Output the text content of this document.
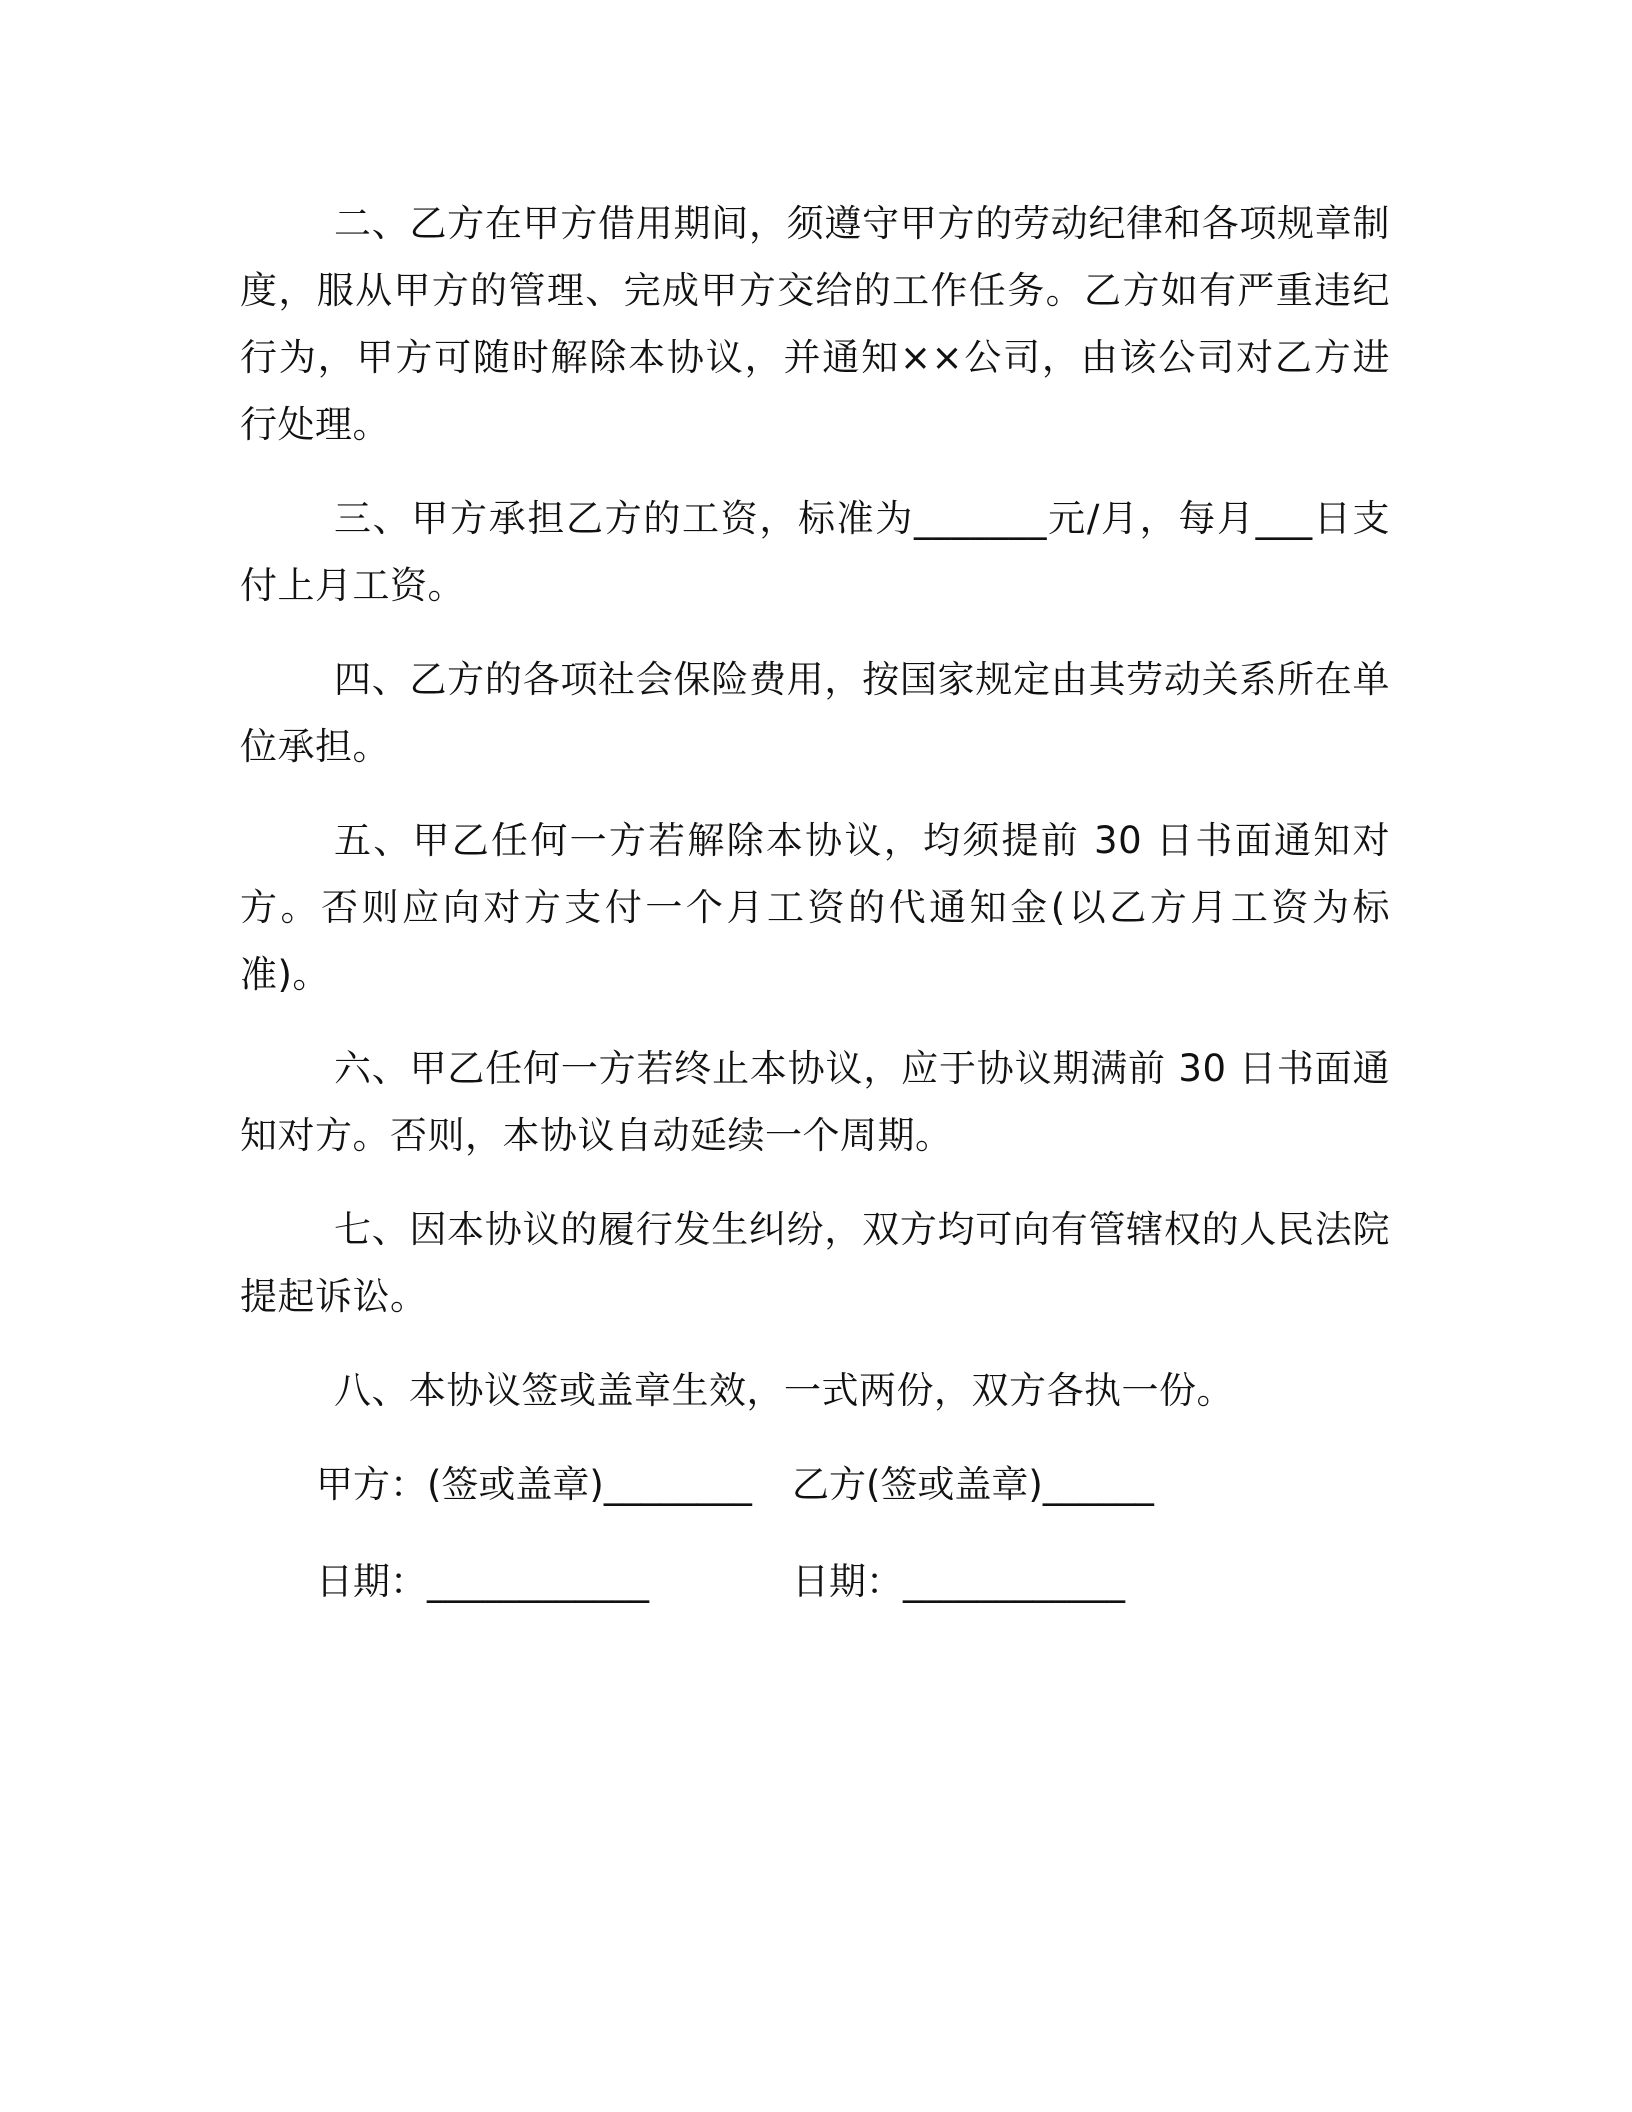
二、乙方在甲方借用期间，须遵守甲方的劳动纪律和各项规章制度，服从甲方的管理、完成甲方交给的工作任务。乙方如有严重违纪行为，甲方可随时解除本协议，并通知××公司，由该公司对乙方进行处理。

三、甲方承担乙方的工资，标准为_______元/月，每月___日支付上月工资。

四、乙方的各项社会保险费用，按国家规定由其劳动关系所在单位承担。

五、甲乙任何一方若解除本协议，均须提前 30 日书面通知对方。否则应向对方支付一个月工资的代通知金(以乙方月工资为标准)。

六、甲乙任何一方若终止本协议，应于协议期满前 30 日书面通知对方。否则，本协议自动延续一个周期。

七、因本协议的履行发生纠纷，双方均可向有管辖权的人民法院提起诉讼。

八、本协议签或盖章生效，一式两份，双方各执一份。

甲方：(签或盖章)________	乙方(签或盖章)______
日期：____________	日期：____________
